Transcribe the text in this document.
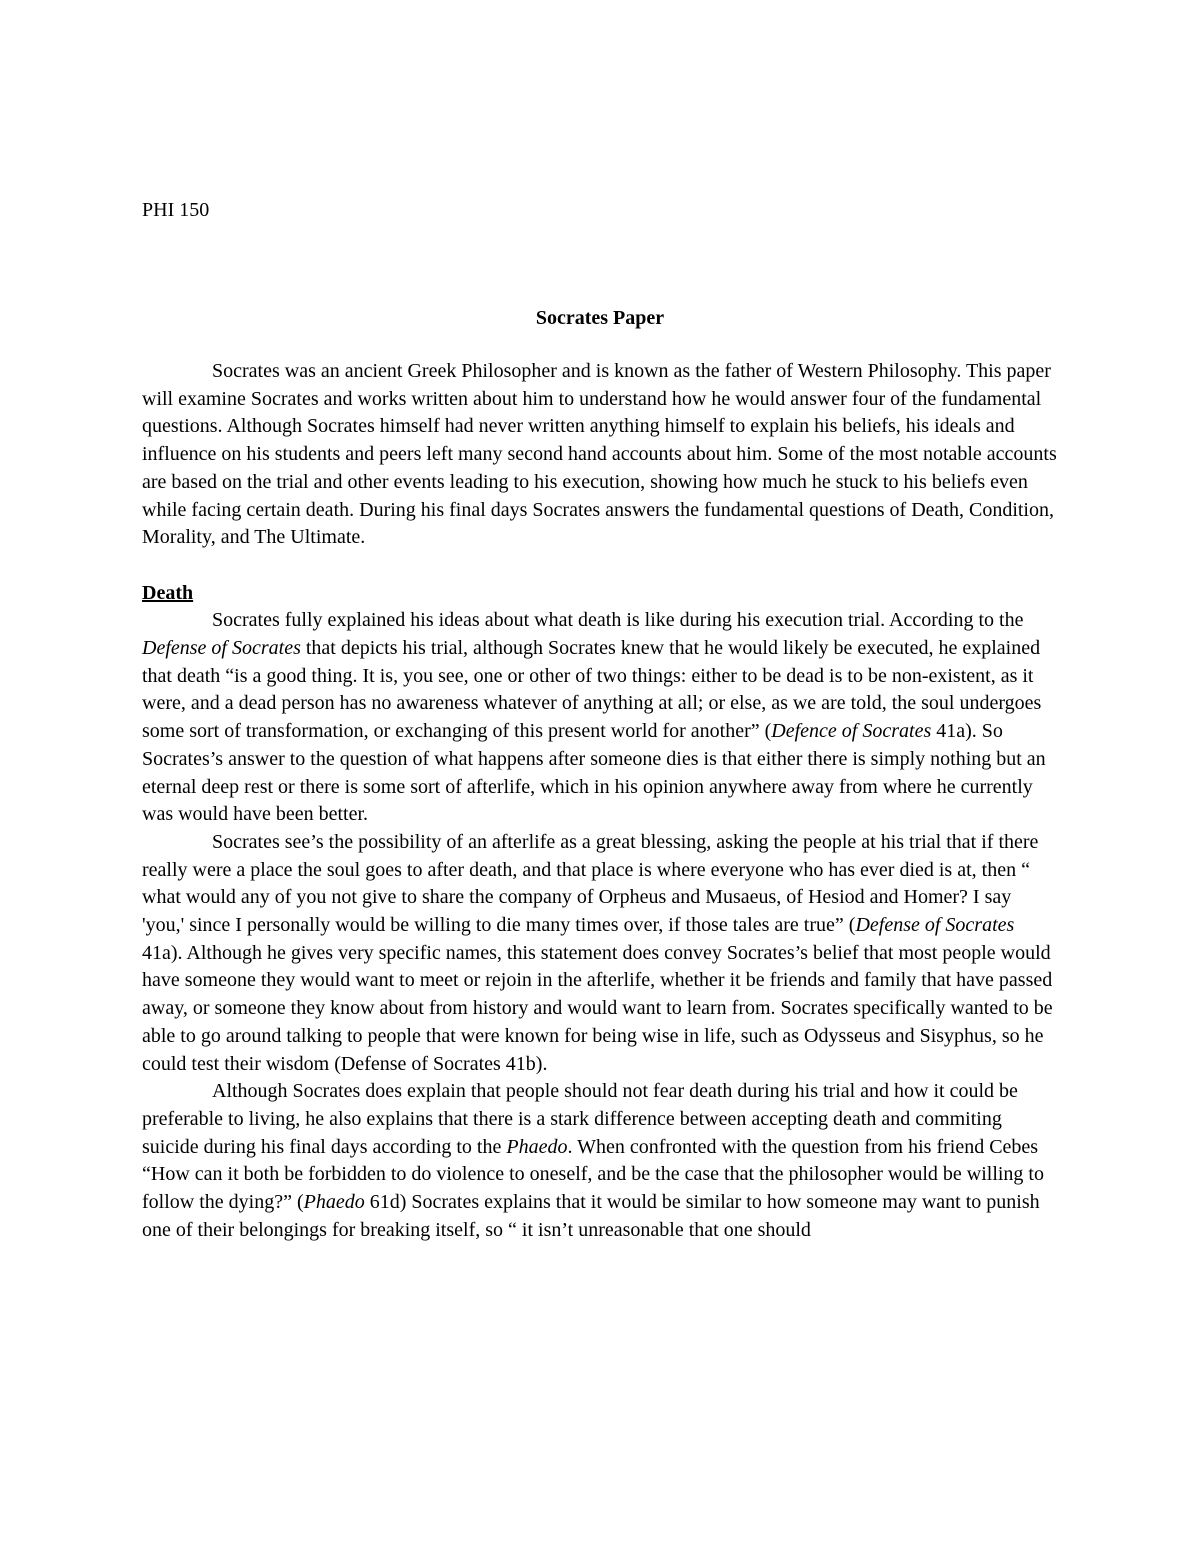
PHI 150

Socrates Paper

Socrates was an ancient Greek Philosopher and is known as the father of Western Philosophy. This paper will examine Socrates and works written about him to understand how he would answer four of the fundamental questions. Although Socrates himself had never written anything himself to explain his beliefs, his ideals and influence on his students and peers left many second hand accounts about him. Some of the most notable accounts are based on the trial and other events leading to his execution, showing how much he stuck to his beliefs even while facing certain death. During his final days Socrates answers the fundamental questions of Death, Condition, Morality, and The Ultimate.

Death

Socrates fully explained his ideas about what death is like during his execution trial. According to the Defense of Socrates that depicts his trial, although Socrates knew that he would likely be executed, he explained that death “is a good thing. It is, you see, one or other of two things: either to be dead is to be non-existent, as it were, and a dead person has no awareness whatever of anything at all; or else, as we are told, the soul undergoes some sort of transformation, or exchanging of this present world for another” (Defence of Socrates 41a). So Socrates’s answer to the question of what happens after someone dies is that either there is simply nothing but an eternal deep rest or there is some sort of afterlife, which in his opinion anywhere away from where he currently was would have been better.

Socrates see’s the possibility of an afterlife as a great blessing, asking the people at his trial that if there really were a place the soul goes to after death, and that place is where everyone who has ever died is at, then “ what would any of you not give to share the company of Orpheus and Musaeus, of Hesiod and Homer? I say 'you,' since I personally would be willing to die many times over, if those tales are true” (Defense of Socrates 41a). Although he gives very specific names, this statement does convey Socrates’s belief that most people would have someone they would want to meet or rejoin in the afterlife, whether it be friends and family that have passed away, or someone they know about from history and would want to learn from. Socrates specifically wanted to be able to go around talking to people that were known for being wise in life, such as Odysseus and Sisyphus, so he could test their wisdom (Defense of Socrates 41b).

Although Socrates does explain that people should not fear death during his trial and how it could be preferable to living, he also explains that there is a stark difference between accepting death and commiting suicide during his final days according to the Phaedo. When confronted with the question from his friend Cebes “How can it both be forbidden to do violence to oneself, and be the case that the philosopher would be willing to follow the dying?” (Phaedo 61d) Socrates explains that it would be similar to how someone may want to punish one of their belongings for breaking itself, so “ it isn’t unreasonable that one should
